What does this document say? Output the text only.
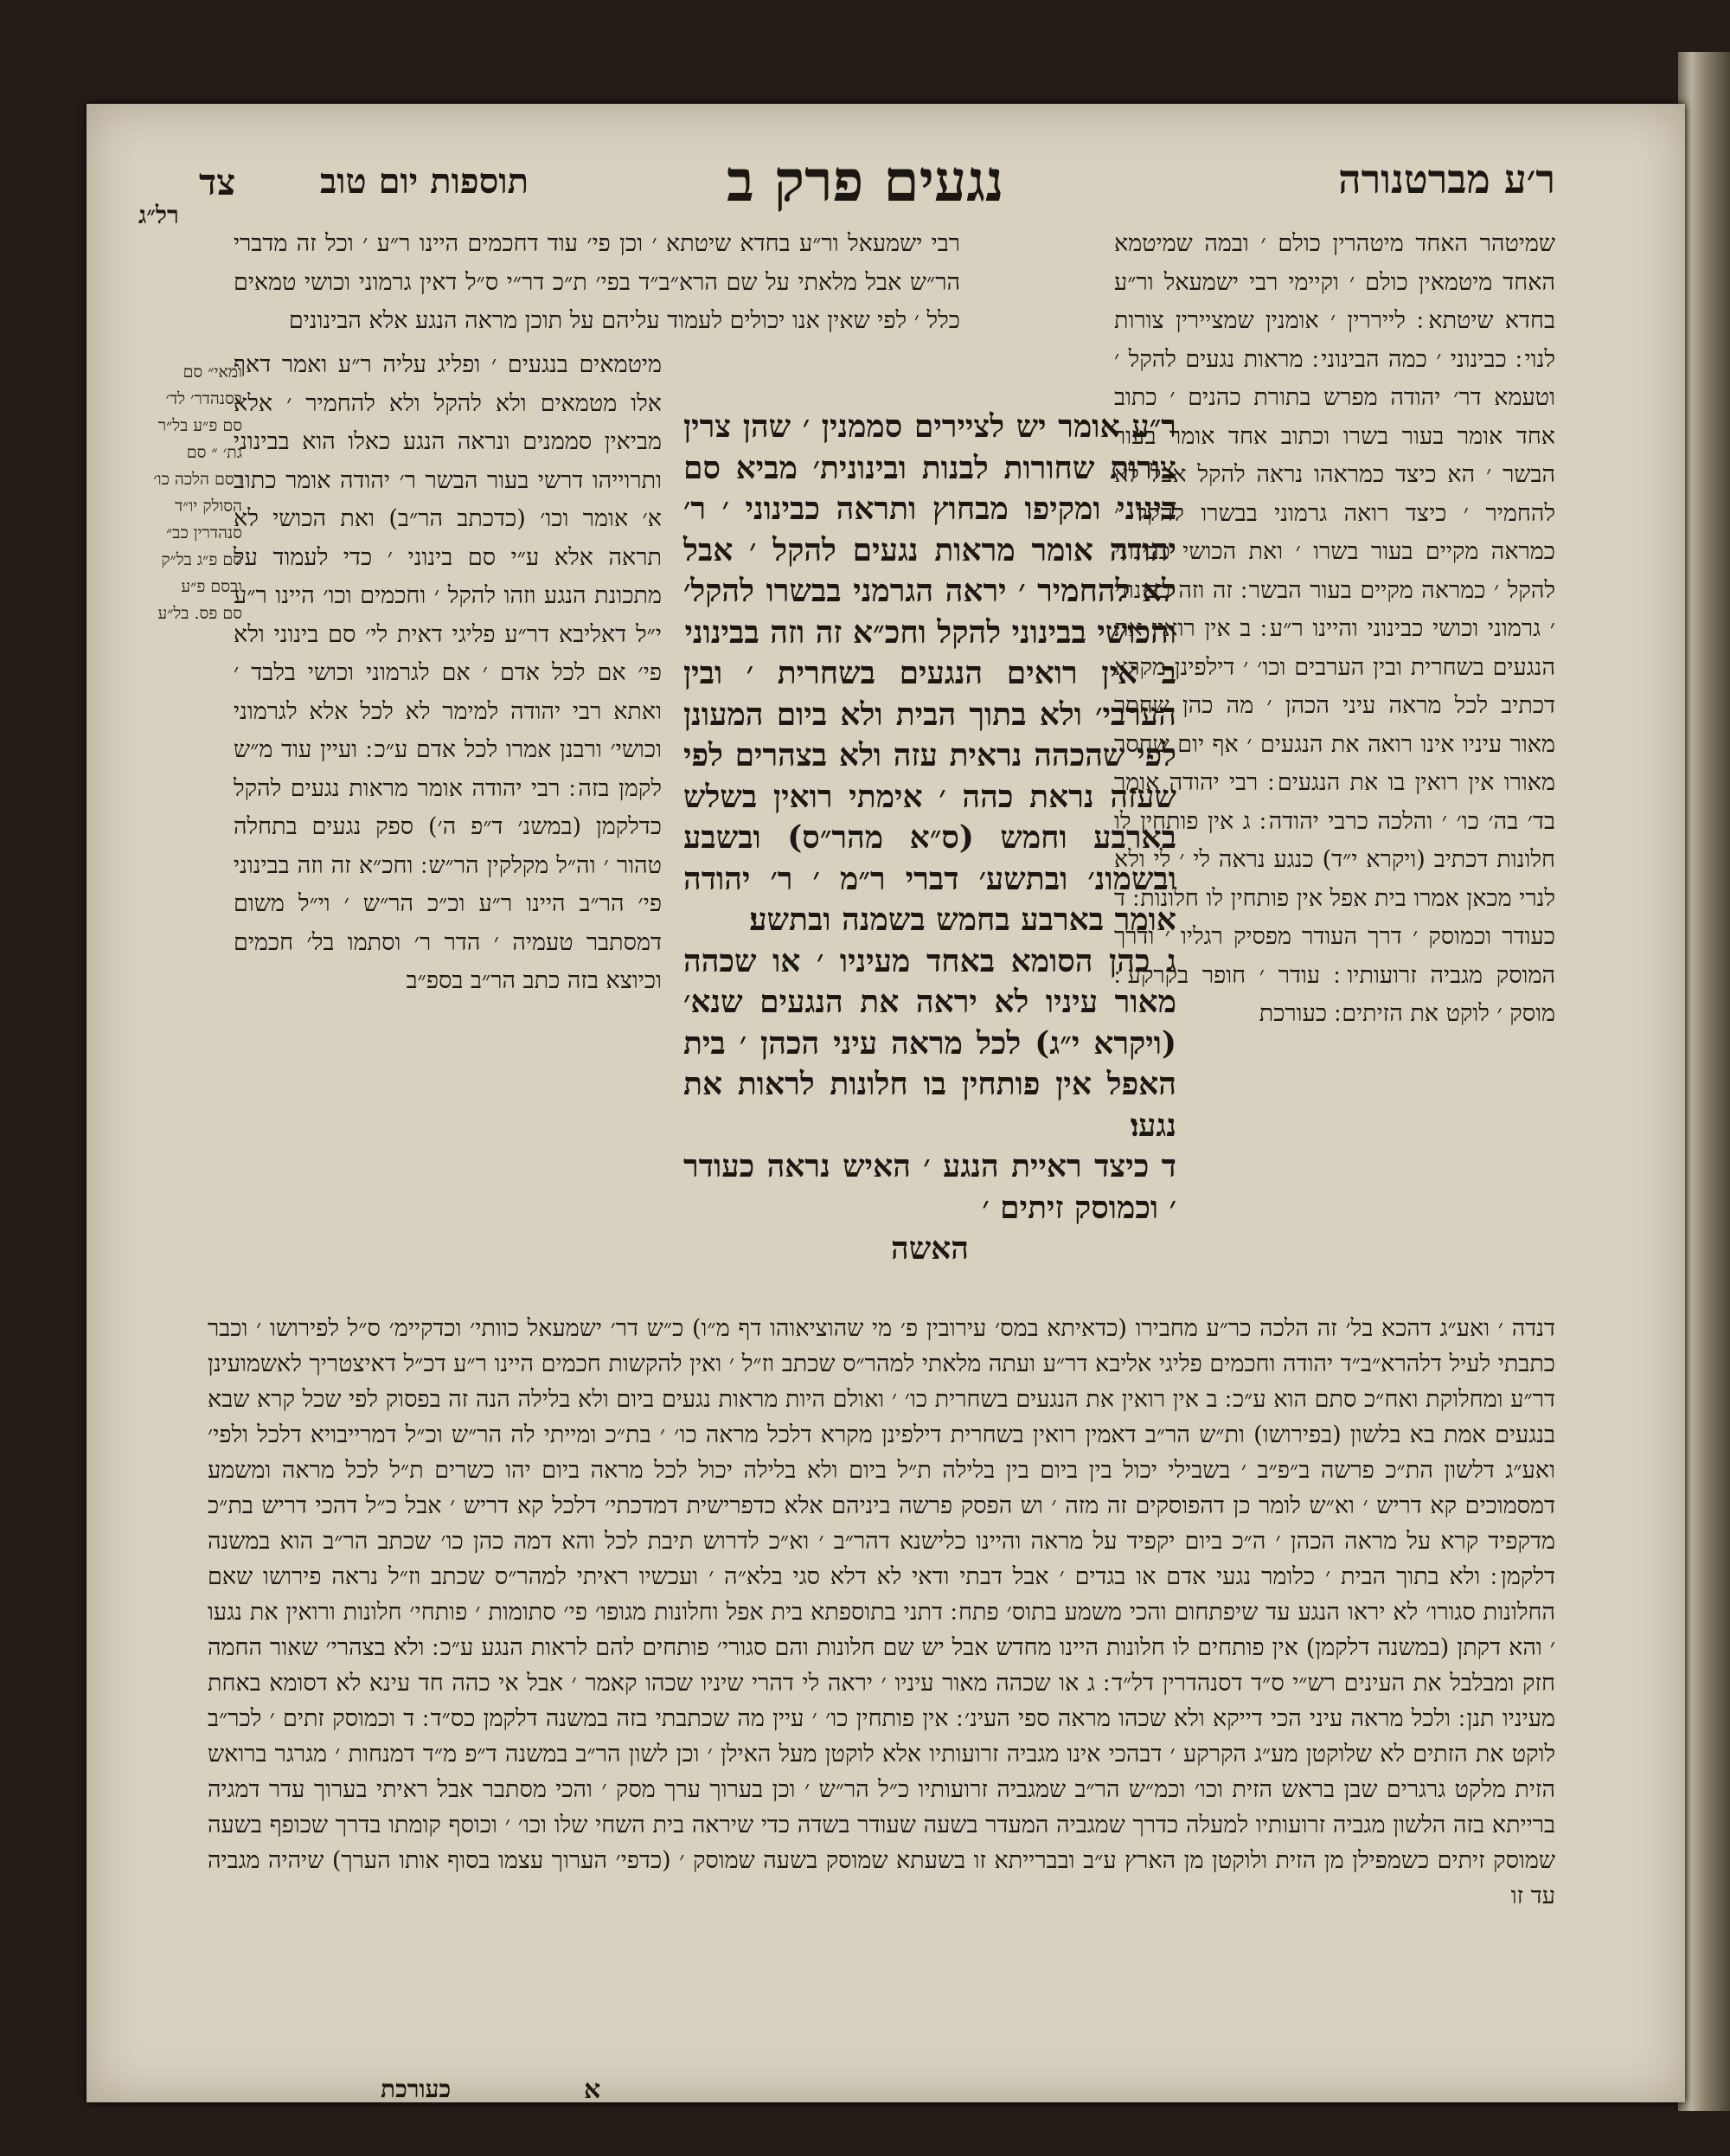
ר׳ע מברטנורה
נגעים פרק ב
תוספות יום טוב
צד
רל״ג

שמיטהר האחד מיטהרין כולם ׳ ובמה שמיטמא האחד מיטמאין כולם ׳ וקיימי רבי ישמעאל ור״ע בחדא שיטתא ׃ לייררין ׳ אומנין שמציירין צורות לנוי ׃ כבינוני ׳ כמה הבינוני ׃ מראות נגעים להקל ׳ וטעמא דר׳ יהודה מפרש בתורת כהנים ׳ כתוב אחד אומר בעור בשרו וכתוב אחד אומר בעור הבשר ׳ הא כיצד כמראהו נראה להקל אבל לא להחמיר ׳ כיצד רואה גרמוני בבשרו להקל ׳ כמראה מקיים בעור בשרו ׳ ואת הכושי כבינוני להקל ׳ כמראה מקיים בעור הבשר ׃ זה וזה כבינוני ׳ גרמוני וכושי כבינוני והיינו ר״ע ׃ ב אין רואין את הנגעים בשחרית ובין הערבים וכו׳ ׳ דילפינן מקרא דכתיב לכל מראה עיני הכהן ׳ מה כהן שחסר מאור עיניו אינו רואה את הנגעים ׳ אף יום שחסר מאורו אין רואין בו את הנגעים ׃ רבי יהודה אומר בד׳ בה׳ כו׳ ׳ והלכה כרבי יהודה ׃ ג אין פותחין לו חלונות דכתיב (ויקרא י״ד) כנגע נראה לי ׳ לי ולא לנרי מכאן אמרו בית אפל אין פותחין לו חלונות ׃ ד כעודר וכמוסק ׳ דרך העודר מפסיק רגליו ׳ ודרך המוסק מגביה זרועותיו ׃ עודר ׳ חופר בקרקע ׃ מוסק ׳ לוקט את הזיתים ׃ כעורכת

רבי ישמעאל ור״ע בחדא שיטתא ׳ וכן פי׳ עוד דחכמים היינו ר״ע ׳ וכל זה מדברי הר״ש אבל מלאתי על שם הרא״ב״ד בפי׳ ת״כ דר״י ס״ל דאין גרמוני וכושי טמאים כלל ׳ לפי שאין אנו יכולים לעמוד עליהם על תוכן מראה הנגע אלא הבינונים

מיטמאים בנגעים ׳ ופליג עליה ר״ע ואמר דאף אלו מטמאים ולא להקל ולא להחמיר ׳ אלא מביאין סממנים ונראה הנגע כאלו הוא בבינוני ותרוייהו דרשי בעור הבשר ר׳ יהודה אומר כתוב א׳ אומר וכו׳ (כדכתב הר״ב) ואת הכושי לא תראה אלא ע״י סם בינוני ׳ כדי לעמוד על מתכונת הנגע וזהו להקל ׳ וחכמים וכו׳ היינו ר״ע י״ל דאליבא דר״ע פליגי דאית לי׳ סם בינוני ולא פי׳ אם לכל אדם ׳ אם לגרמוני וכושי בלבד ׳ ואתא רבי יהודה למימר לא לכל אלא לגרמוני וכושי׳ ורבנן אמרו לכל אדם ע״כ ׃ ועיין עוד מ״ש לקמן בזה ׃ רבי יהודה אומר מראות נגעים להקל כדלקמן (במשנ׳ ד״פ ה׳) ספק נגעים בתחלה טהור ׳ וה״ל מקלקין הר״ש ׃ וחכ״א זה וזה בבינוני פי׳ הר״ב היינו ר״ע וכ״כ הר״ש ׳ וי״ל משום דמסתבר טעמיה ׳ הדר ר׳ וסתמו בל׳ חכמים וכיוצא בזה כתב הר״ב בספ״ב

ר״ע אומר יש לציירים סממנין ׳ שהן צרין צורות שחורות לבנות ובינונית׳ מביא סם בינוני ומקיפו מבחוץ ותראה כבינוני ׳ ר׳ יהודה אומר מראות נגעים להקל ׳ אבל לא להחמיר ׳ יראה הגרמני בבשרו להקל׳ והכושי בבינוני להקל וחכ״א זה וזה בבינוני

ב אין רואים הנגעים בשחרית ׳ ובין הערבי׳ ולא בתוך הבית ולא ביום המעונן לפי שהכהה נראית עזה ולא בצהרים לפי שעזה נראת כהה ׳ אימתי רואין בשלש בארבע וחמש (ס״א מהר״ס) ובשבע ובשמונ׳ ובתשע׳ דברי ר״מ ׳ ר׳ יהודה אומר בארבע בחמש בשמנה ובתשע׃

ג כהן הסומא באחד מעיניו ׳ או שכהה מאור עיניו לא יראה את הנגעים שנא׳ (ויקרא י״ג) לכל מראה עיני הכהן ׳ בית האפל אין פותחין בו חלונות לראות את נגעו׃

ד כיצד ראיית הנגע ׳ האיש נראה כעודר ׳ וכמוסק זיתים ׳

האשה

דנדה ׳ ואע״ג דהכא בל׳ זה הלכה כר״ע מחבירו (כדאיתא במס׳ עירובין פ׳ מי שהוציאוהו דף מ״ו) כ״ש דר׳ ישמעאל כוותי׳ וכדקיימ׳ ס״ל לפירושו ׳ וכבר כתבתי לעיל דלהרא״ב״ד יהודה וחכמים פליגי אליבא דר״ע ועתה מלאתי למהר״ס שכתב וז״ל ׳ ואין להקשות חכמים היינו ר״ע דכ״ל דאיצטריך לאשמועינן דר״ע ומחלוקת ואח״כ סתם הוא ע״כ ׃ ב אין רואין את הנגעים בשחרית כו׳ ׳ ואולם היות מראות נגעים ביום ולא בלילה הנה זה בפסוק לפי שכל קרא שבא בנגעים אמת בא בלשון (בפירושו) ות״ש הר״ב דאמין רואין בשחרית דילפינן מקרא דלכל מראה כו׳ ׳ בת״כ ומייתי לה הר״ש וכ״ל דמרייבויא דלכל ולפי׳ ואע״ג דלשון הת״כ פרשה ב״פ״ב ׳ בשבילי יכול בין ביום בין בלילה ת״ל ביום ולא בלילה יכול לכל מראה ביום יהו כשרים ת״ל לכל מראה ומשמע דמסמוכים קא דריש ׳ וא״ש לומר כן דהפוסקים זה מזה ׳ וש הפסק פרשה ביניהם אלא כדפרישית דמדכתי׳ דלכל קא דריש ׳ אבל כ״ל דהכי דריש בת״כ מדקפיד קרא על מראה הכהן ׳ ה״כ ביום יקפיד על מראה והיינו כלישנא דהר״ב ׳ וא״כ לדרוש תיבת לכל והא דמה כהן כו׳ שכתב הר״ב הוא במשנה דלקמן ׃ ולא בתוך הבית ׳ כלומר נגעי אדם או בגדים ׳ אבל דבתי ודאי לא דלא סגי בלא״ה ׳ ועכשיו ראיתי למהר״ס שכתב וז״ל נראה פירושו שאם החלונות סגורו׳ לא יראו הנגע עד שיפתחום והכי משמע בתוס׳ פתח ׃ דתני בתוספתא בית אפל וחלונות מגופו׳ פי׳ סתומות ׳ פותחי׳ חלונות ורואין את נגעו ׳ והא דקתן (במשנה דלקמן) אין פותחים לו חלונות היינו מחדש אבל יש שם חלונות והם סגורי׳ פותחים להם לראות הנגע ע״כ ׃ ולא בצהרי׳ שאור החמה חזק ומבלבל את העינים רש״י ס״ד דסנהדרין דל״ד ׃ ג או שכהה מאור עיניו ׳ יראה לי דהרי שיניו שכהו קאמר ׳ אבל אי כהה חד עינא לא דסומא באחת מעיניו תנן ׃ ולכל מראה עיני הכי דייקא ולא שכהו מראה ספי העינ׳ ׃ אין פותחין כו׳ ׳ עיין מה שכתבתי בזה במשנה דלקמן כס״ד ׃ ד וכמוסק זתים ׳ לכר״ב לוקט את הזתים לא שלוקטן מע״ג הקרקע ׳ דבהכי אינו מגביה זרועותיו אלא לוקטן מעל האילן ׳ וכן לשון הר״ב במשנה ד״פ מ״ד דמנחות ׳ מגרגר ברואש הזית מלקט גרגרים שבן בראש הזית וכו׳ וכמ״ש הר״ב שמגביה זרועותיו כ״ל הר״ש ׳ וכן בערוך ערך מסק ׳ והכי מסתבר אבל ראיתי בערוך עדר דמגיה ברייתא בזה הלשון מגביה זרועותיו למעלה כדרך שמגביה המעדר בשעה שעודר בשדה כדי שיראה בית השחי שלו וכו׳ ׳ וכוסף קומתו בדרך שכופף בשעה שמוסק זיתים כשמפילן מן הזית ולוקטן מן הארץ ע״ב ובברייתא זו בשעתא שמוסק בשעה שמוסק ׳ (כדפי׳ הערוך עצמו בסוף אותו הערך) שיהיה מגביה עד זו

ומאי״ סם
בסנהדר׳ לד׳
סם פ״ע בל״ר
גת׳ ״ סם
רסם הלכה כו׳
הסולק יו״ד
סנהדרין כב״
סם פ״ג בל״ק
ובסם פ״ע
סם פס. בל״ע
כעורכת	א
